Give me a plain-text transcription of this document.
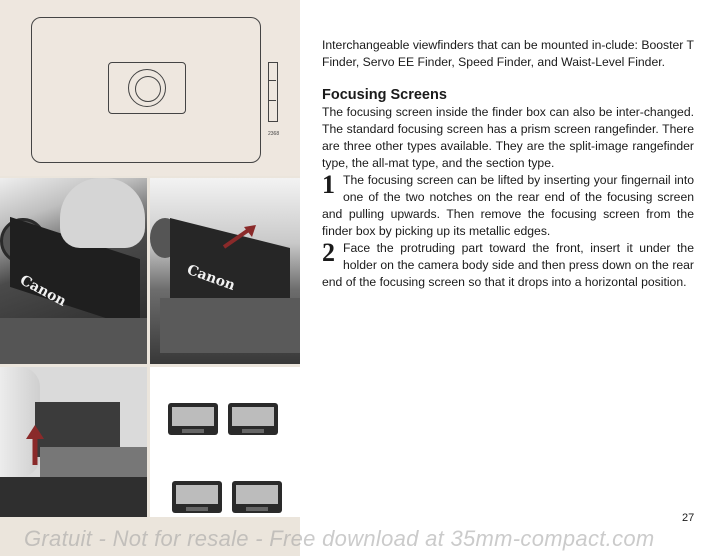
2368
Canon	Canon

Interchangeable viewfinders that can be mounted in-clude: Booster T Finder, Servo EE Finder, Speed Finder, and Waist-Level Finder.

Focusing Screens

The focusing screen inside the finder box can also be inter-changed. The standard focusing screen has a prism screen rangefinder. There are three other types available. They are the split-image rangefinder type, the all-mat type, and the section type.

1 The focusing screen can be lifted by inserting your fingernail into one of the two notches on the rear end of the focusing screen and pulling upwards. Then remove the focusing screen from the finder box by picking up its metallic edges.

2 Face the protruding part toward the front, insert it under the holder on the camera body side and then press down on the rear end of the focusing screen so that it drops into a horizontal position.

27
Gratuit - Not for resale - Free download at 35mm-compact.com
